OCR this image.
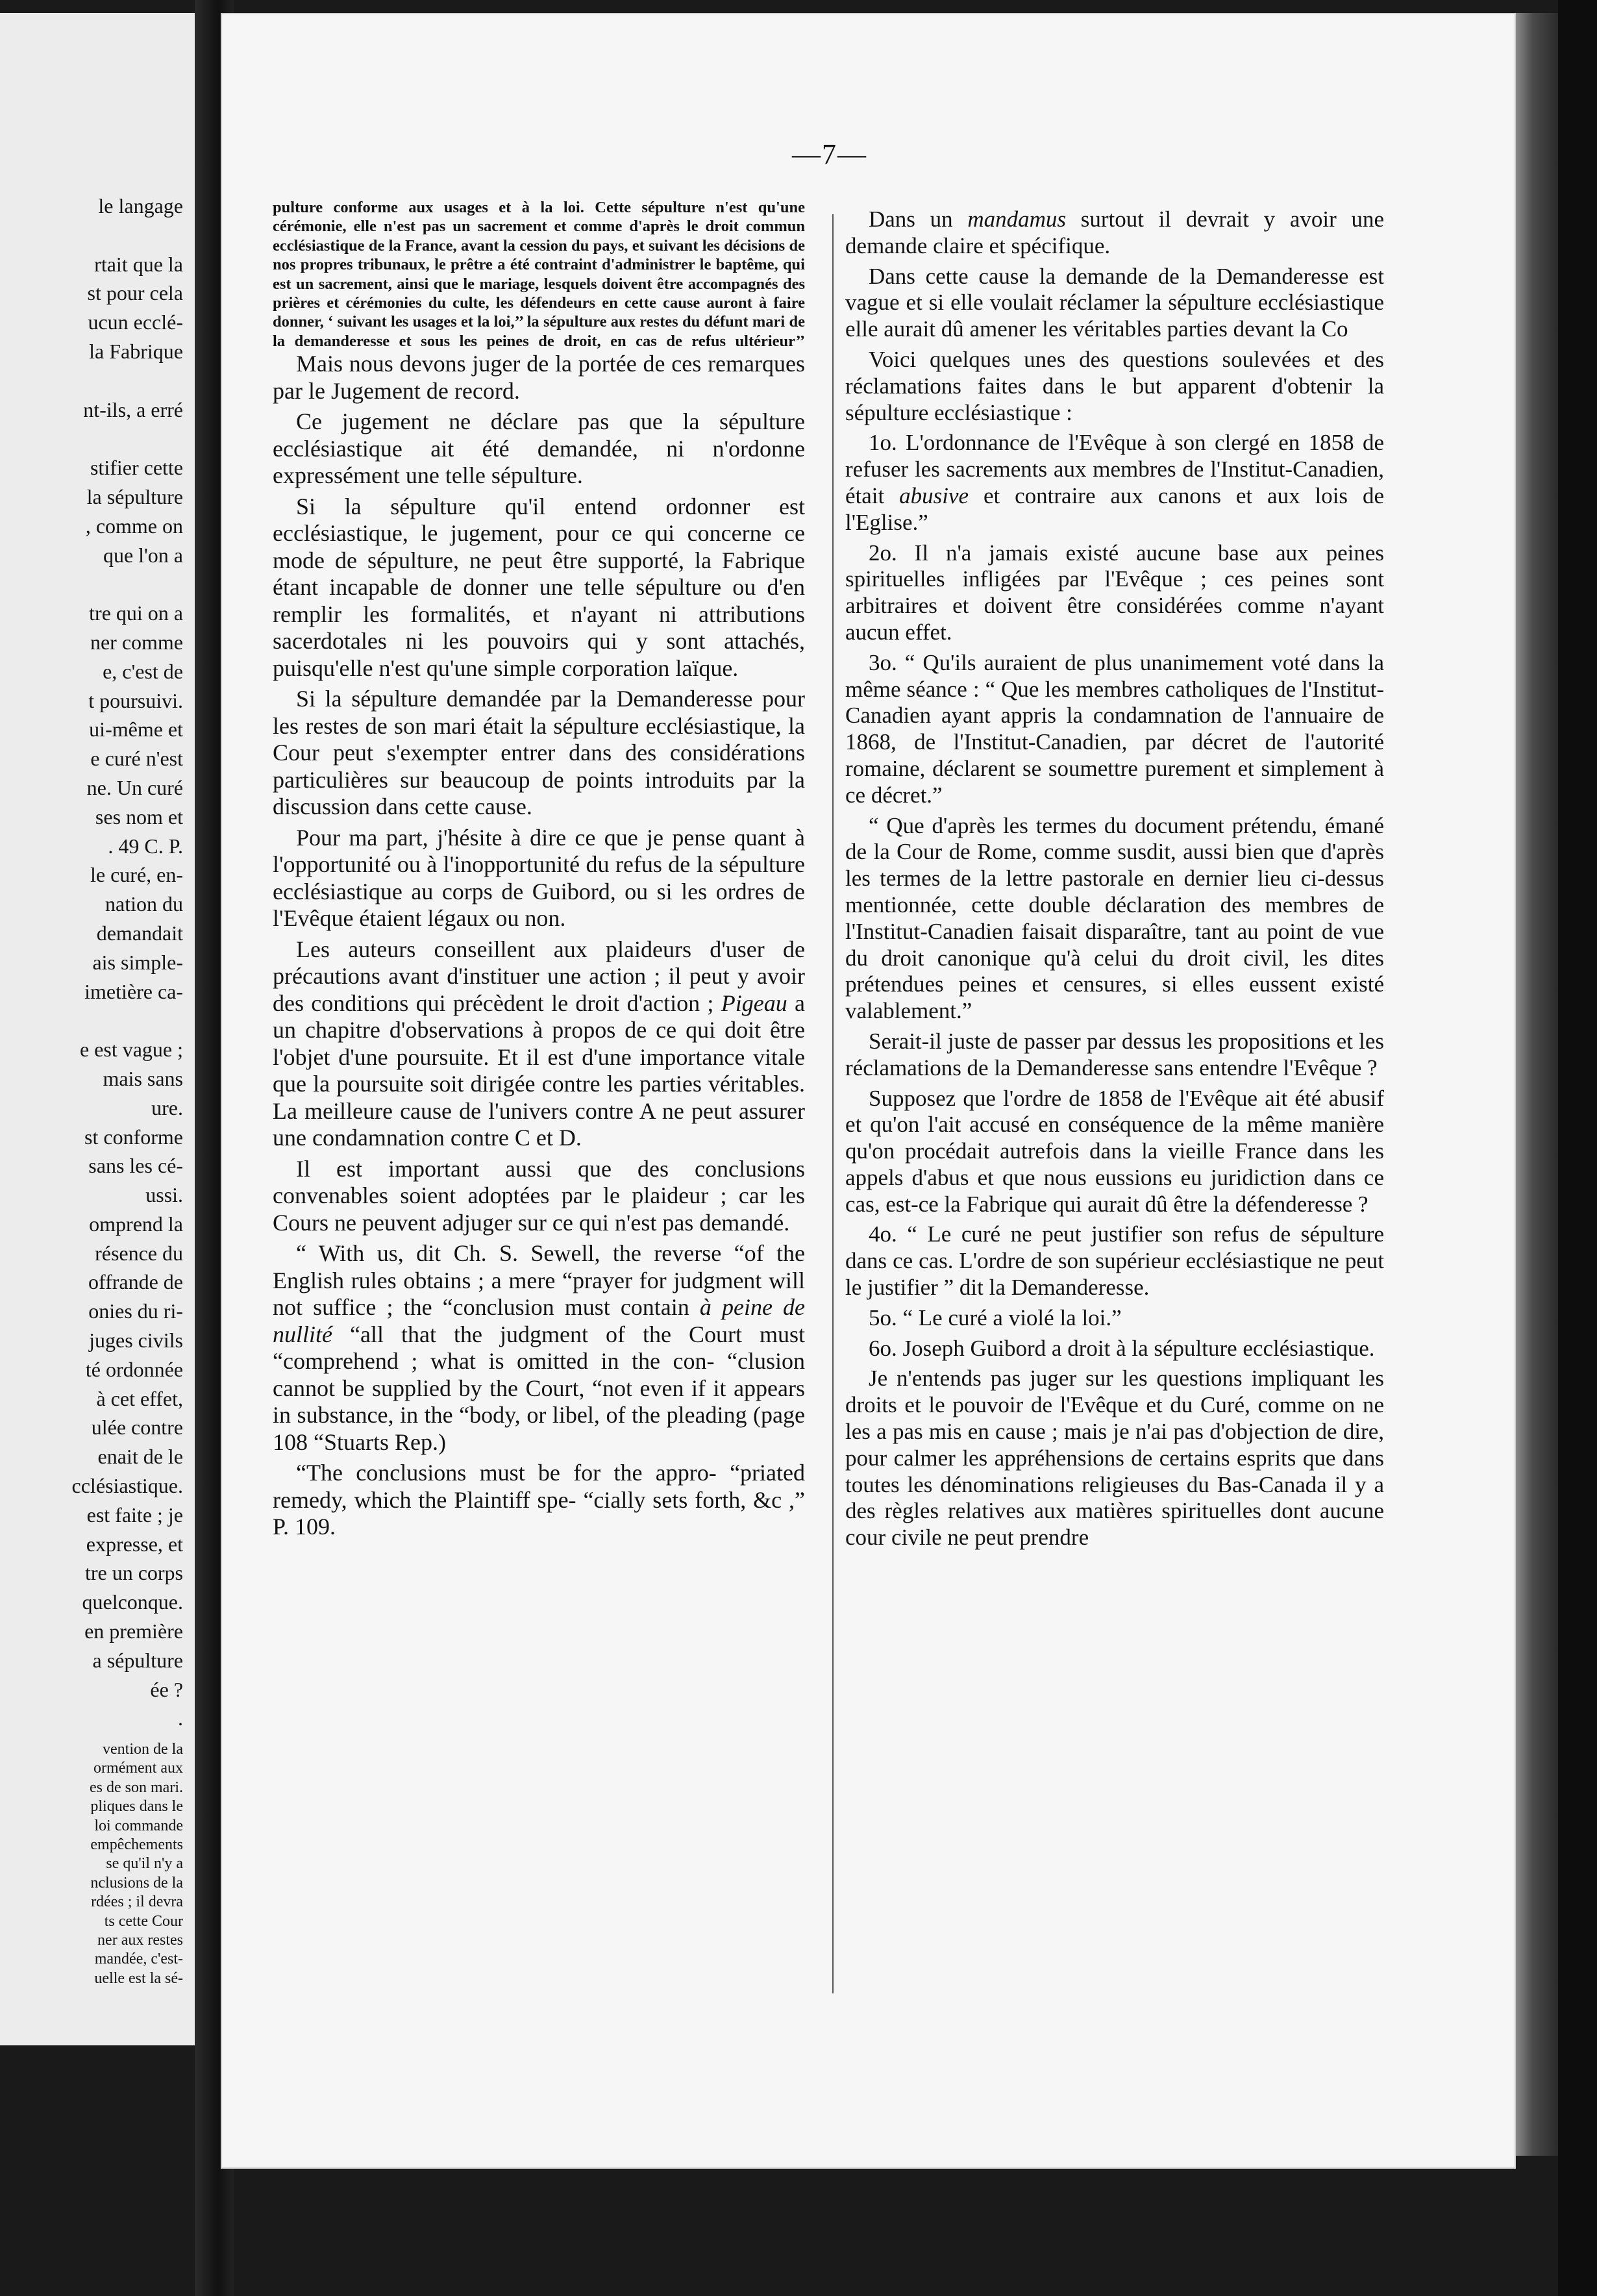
le langage

rtait que la
st pour cela
ucun ecclé-
la Fabrique

nt-ils, a erré

stifier cette
la sépulture
, comme on
que l'on a

tre qui on a
ner comme
e, c'est de
t poursuivi.
ui-même et
e curé n'est
ne. Un curé
ses nom et
. 49 C. P.
le curé, en-
nation du
demandait
ais simple-
imetière ca-

e est vague ;
mais sans
ure.
st conforme
sans les cé-
ussi.
omprend la
résence du
offrande de
onies du ri-
juges civils
té ordonnée
à cet effet,
ulée contre
enait de le
cclésiastique.
est faite ; je
expresse, et
tre un corps
quelconque.
en première
a sépulture
ée ?
.
vention de la
ormément aux
es de son mari.
pliques dans le
loi commande
empêchements
se qu'il n'y a
nclusions de la
rdées ; il devra
ts cette Cour
ner aux restes
mandée, c'est-
uelle est la sé-
—7—
pulture conforme aux usages et à la loi. Cette sépulture n'est qu'une cérémonie, elle n'est pas un sacrement et comme d'après le droit commun ecclésiastique de la France, avant la cession du pays, et suivant les décisions de nos propres tribunaux, le prêtre a été contraint d'administrer le baptême, qui est un sacrement, ainsi que le mariage, lesquels doivent être accompagnés des prières et cérémonies du culte, les défendeurs en cette cause auront à faire donner, ‘ suivant les usages et la loi,’’ la sépulture aux restes du défunt mari de la demanderesse et sous les peines de droit, en cas de refus ultérieur’’

Mais nous devons juger de la portée de ces remarques par le Jugement de record.

Ce jugement ne déclare pas que la sépulture ecclésiastique ait été demandée, ni n'ordonne expressément une telle sépulture.

Si la sépulture qu'il entend ordonner est ecclésiastique, le jugement, pour ce qui concerne ce mode de sépulture, ne peut être supporté, la Fabrique étant incapable de donner une telle sépulture ou d'en remplir les formalités, et n'ayant ni attributions sacerdotales ni les pouvoirs qui y sont attachés, puisqu'elle n'est qu'une simple corporation laïque.

Si la sépulture demandée par la Demanderesse pour les restes de son mari était la sépulture ecclésiastique, la Cour peut s'exempter entrer dans des considérations particulières sur beaucoup de points introduits par la discussion dans cette cause.

Pour ma part, j'hésite à dire ce que je pense quant à l'opportunité ou à l'inopportunité du refus de la sépulture ecclésiastique au corps de Guibord, ou si les ordres de l'Evêque étaient légaux ou non.

Les auteurs conseillent aux plaideurs d'user de précautions avant d'instituer une action ; il peut y avoir des conditions qui précèdent le droit d'action ; Pigeau a un chapitre d'observations à propos de ce qui doit être l'objet d'une poursuite. Et il est d'une importance vitale que la poursuite soit dirigée contre les parties véritables. La meilleure cause de l'univers contre A ne peut assurer une condamnation contre C et D.

Il est important aussi que des conclusions convenables soient adoptées par le plaideur ; car les Cours ne peuvent adjuger sur ce qui n'est pas demandé.

“ With us, dit Ch. S. Sewell, the reverse “of the English rules obtains ; a mere “prayer for judgment will not suffice ; the “conclusion must contain à peine de nullité “all that the judgment of the Court must “comprehend ; what is omitted in the con- “clusion cannot be supplied by the Court, “not even if it appears in substance, in the “body, or libel, of the pleading (page 108 “Stuarts Rep.)

“The conclusions must be for the appro- “priated remedy, which the Plaintiff spe- “cially sets forth, &c ,” P. 109.

Dans un mandamus surtout il devrait y avoir une demande claire et spécifique.

Dans cette cause la demande de la Demanderesse est vague et si elle voulait réclamer la sépulture ecclésiastique elle aurait dû amener les véritables parties devant la Co

Voici quelques unes des questions soulevées et des réclamations faites dans le but apparent d'obtenir la sépulture ecclésiastique :

1o. L'ordonnance de l'Evêque à son clergé en 1858 de refuser les sacrements aux membres de l'Institut-Canadien, était abusive et contraire aux canons et aux lois de l'Eglise.”

2o. Il n'a jamais existé aucune base aux peines spirituelles infligées par l'Evêque ; ces peines sont arbitraires et doivent être considérées comme n'ayant aucun effet.

3o. “ Qu'ils auraient de plus unanimement voté dans la même séance : “ Que les membres catholiques de l'Institut-Canadien ayant appris la condamnation de l'annuaire de 1868, de l'Institut-Canadien, par décret de l'autorité romaine, déclarent se soumettre purement et simplement à ce décret.”

“ Que d'après les termes du document prétendu, émané de la Cour de Rome, comme susdit, aussi bien que d'après les termes de la lettre pastorale en dernier lieu ci-dessus mentionnée, cette double déclaration des membres de l'Institut-Canadien faisait disparaître, tant au point de vue du droit canonique qu'à celui du droit civil, les dites prétendues peines et censures, si elles eussent existé valablement.”

Serait-il juste de passer par dessus les propositions et les réclamations de la Demanderesse sans entendre l'Evêque ?

Supposez que l'ordre de 1858 de l'Evêque ait été abusif et qu'on l'ait accusé en conséquence de la même manière qu'on procédait autrefois dans la vieille France dans les appels d'abus et que nous eussions eu juridiction dans ce cas, est-ce la Fabrique qui aurait dû être la défenderesse ?

4o. “ Le curé ne peut justifier son refus de sépulture dans ce cas. L'ordre de son supérieur ecclésiastique ne peut le justifier ” dit la Demanderesse.

5o. “ Le curé a violé la loi.”

6o. Joseph Guibord a droit à la sépulture ecclésiastique.

Je n'entends pas juger sur les questions impliquant les droits et le pouvoir de l'Evêque et du Curé, comme on ne les a pas mis en cause ; mais je n'ai pas d'objection de dire, pour calmer les appréhensions de certains esprits que dans toutes les dénominations religieuses du Bas-Canada il y a des règles relatives aux matières spirituelles dont aucune cour civile ne peut prendre
